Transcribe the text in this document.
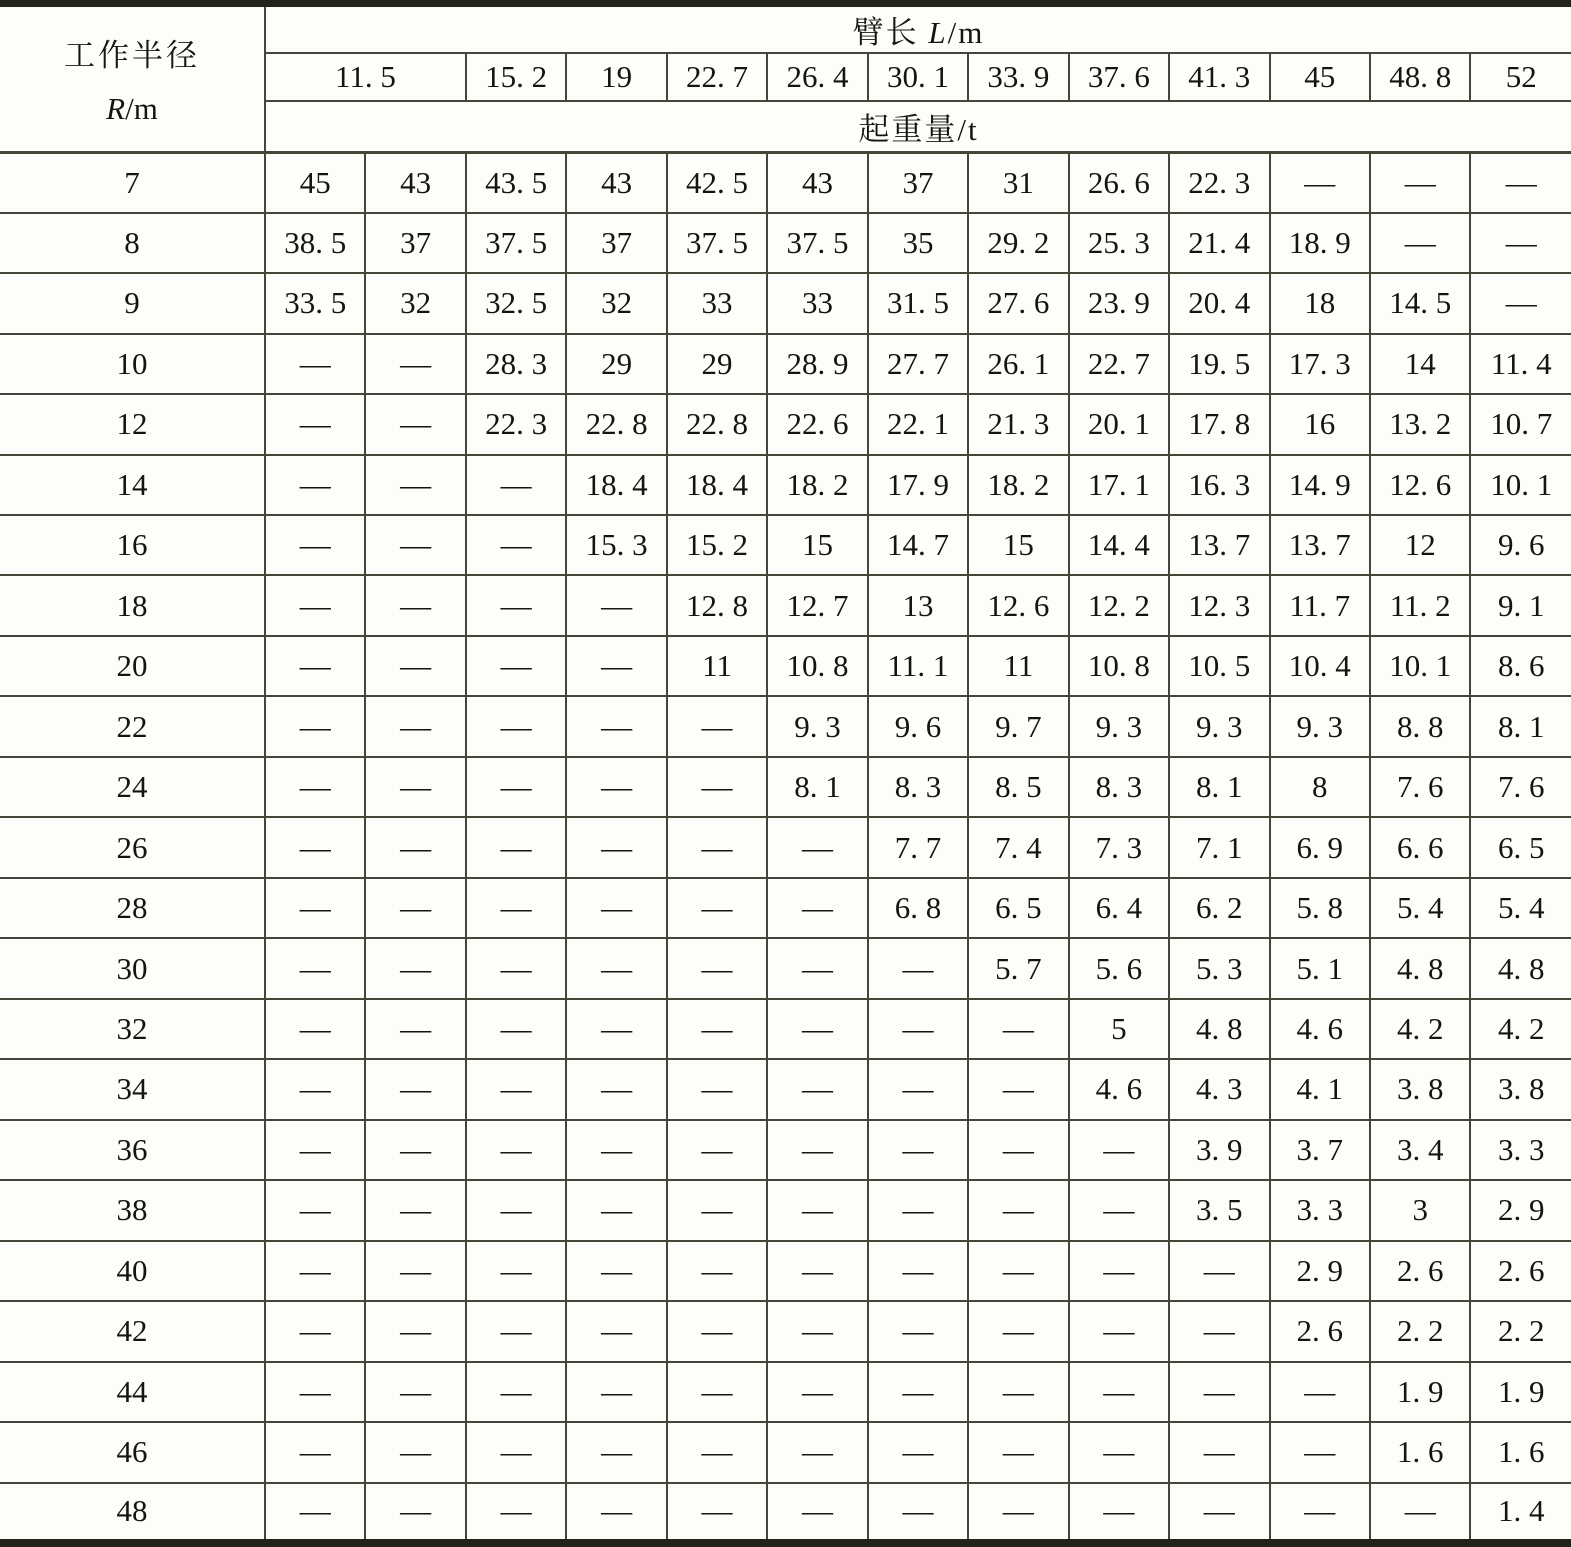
工作半径
R/m	臂长 L/m												
	11. 5		15. 2	19	22. 7	26. 4	30. 1	33. 9	37. 6	41. 3	45	48. 8	52
	起重量/t												
7	45	43	43. 5	43	42. 5	43	37	31	26. 6	22. 3	—	—	—
8	38. 5	37	37. 5	37	37. 5	37. 5	35	29. 2	25. 3	21. 4	18. 9	—	—
9	33. 5	32	32. 5	32	33	33	31. 5	27. 6	23. 9	20. 4	18	14. 5	—
10	—	—	28. 3	29	29	28. 9	27. 7	26. 1	22. 7	19. 5	17. 3	14	11. 4
12	—	—	22. 3	22. 8	22. 8	22. 6	22. 1	21. 3	20. 1	17. 8	16	13. 2	10. 7
14	—	—	—	18. 4	18. 4	18. 2	17. 9	18. 2	17. 1	16. 3	14. 9	12. 6	10. 1
16	—	—	—	15. 3	15. 2	15	14. 7	15	14. 4	13. 7	13. 7	12	9. 6
18	—	—	—	—	12. 8	12. 7	13	12. 6	12. 2	12. 3	11. 7	11. 2	9. 1
20	—	—	—	—	11	10. 8	11. 1	11	10. 8	10. 5	10. 4	10. 1	8. 6
22	—	—	—	—	—	9. 3	9. 6	9. 7	9. 3	9. 3	9. 3	8. 8	8. 1
24	—	—	—	—	—	8. 1	8. 3	8. 5	8. 3	8. 1	8	7. 6	7. 6
26	—	—	—	—	—	—	7. 7	7. 4	7. 3	7. 1	6. 9	6. 6	6. 5
28	—	—	—	—	—	—	6. 8	6. 5	6. 4	6. 2	5. 8	5. 4	5. 4
30	—	—	—	—	—	—	—	5. 7	5. 6	5. 3	5. 1	4. 8	4. 8
32	—	—	—	—	—	—	—	—	5	4. 8	4. 6	4. 2	4. 2
34	—	—	—	—	—	—	—	—	4. 6	4. 3	4. 1	3. 8	3. 8
36	—	—	—	—	—	—	—	—	—	3. 9	3. 7	3. 4	3. 3
38	—	—	—	—	—	—	—	—	—	3. 5	3. 3	3	2. 9
40	—	—	—	—	—	—	—	—	—	—	2. 9	2. 6	2. 6
42	—	—	—	—	—	—	—	—	—	—	2. 6	2. 2	2. 2
44	—	—	—	—	—	—	—	—	—	—	—	1. 9	1. 9
46	—	—	—	—	—	—	—	—	—	—	—	1. 6	1. 6
48	—	—	—	—	—	—	—	—	—	—	—	—	1. 4
